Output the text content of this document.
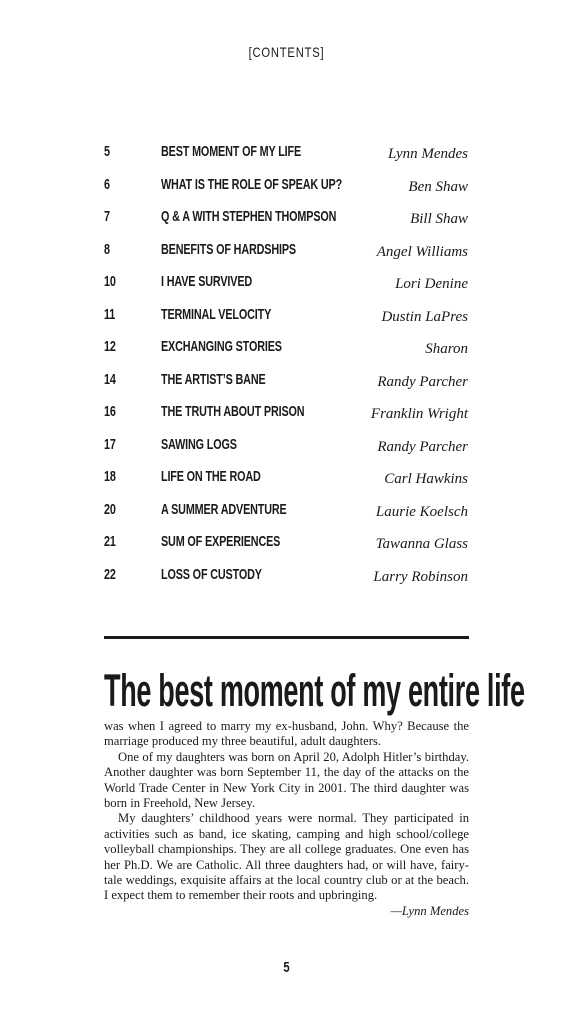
[CONTENTS]
5	BEST MOMENT OF MY LIFE	Lynn Mendes
6	WHAT IS THE ROLE OF SPEAK UP?	Ben Shaw
7	Q & A WITH STEPHEN THOMPSON	Bill Shaw
8	BENEFITS OF HARDSHIPS	Angel Williams
10	I HAVE SURVIVED	Lori Denine
11	TERMINAL VELOCITY	Dustin LaPres
12	EXCHANGING STORIES	Sharon
14	THE ARTIST’S BANE	Randy Parcher
16	THE TRUTH ABOUT PRISON	Franklin Wright
17	SAWING LOGS	Randy Parcher
18	LIFE ON THE ROAD	Carl Hawkins
20	A SUMMER ADVENTURE	Laurie Koelsch
21	SUM OF EXPERIENCES	Tawanna Glass
22	LOSS OF CUSTODY	Larry Robinson
The best moment of my entire life

was when I agreed to marry my ex-husband, John. Why? Because the marriage produced my three beautiful, adult daughters.

One of my daughters was born on April 20, Adolph Hitler’s birthday. Another daughter was born September 11, the day of the attacks on the World Trade Center in New York City in 2001. The third daughter was born in Freehold, New Jersey.

My daughters’ childhood years were normal. They participated in activities such as band, ice skating, camping and high school/college volleyball championships. They are all college graduates. One even has her Ph.D. We are Catholic. All three daughters had, or will have, fairy-tale weddings, exquisite affairs at the local country club or at the beach. I expect them to remember their roots and upbringing.

—Lynn Mendes
5
